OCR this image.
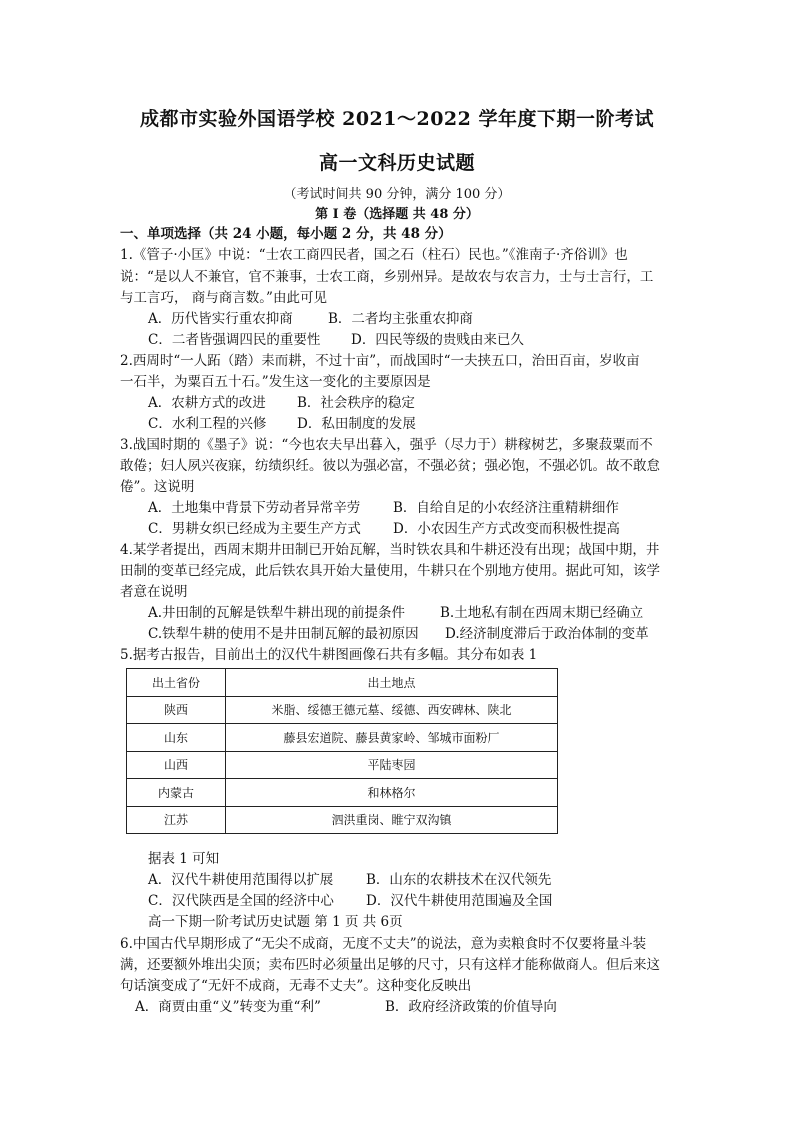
成都市实验外国语学校 2021～2022 学年度下期一阶考试
高一文科历史试题
（考试时间共 90 分钟，满分 100 分）
第 Ⅰ 卷（选择题 共 48 分）
一、单项选择（共 24 小题，每小题 2 分，共 48 分）
1.《管子·小匡》中说：“士农工商四民者，国之石（柱石）民也。”《淮南子·齐俗训》也
说：“是以人不兼官，官不兼事，士农工商，乡别州异。是故农与农言力，士与士言行，工
与工言巧， 商与商言数。”由此可见
A．历代皆实行重农抑商	B．二者均主张重农抑商
C．二者皆强调四民的重要性 D．四民等级的贵贱由来已久
2.西周时“一人跖（踏）耒而耕，不过十亩”，而战国时“一夫挟五口，治田百亩，岁收亩
一石半，为粟百五十石。”发生这一变化的主要原因是
A．农耕方式的改进 B．社会秩序的稳定
C．水利工程的兴修 D．私田制度的发展
3.战国时期的《墨子》说：“今也农夫早出暮入，强乎（尽力于）耕稼树艺，多聚菽粟而不
敢倦；妇人夙兴夜寐，纺绩织纴。彼以为强必富，不强必贫；强必饱，不强必饥。故不敢怠
倦”。这说明
A．土地集中背景下劳动者异常辛劳 B．自给自足的小农经济注重精耕细作
C．男耕女织已经成为主要生产方式 D．小农因生产方式改变而积极性提高
4.某学者提出，西周末期井田制已开始瓦解，当时铁农具和牛耕还没有出现；战国中期，井
田制的变革已经完成，此后铁农具开始大量使用，牛耕只在个别地方使用。据此可知，该学
者意在说明
A.井田制的瓦解是铁犁牛耕出现的前提条件	B.土地私有制在西周末期已经确立
C.铁犁牛耕的使用不是井田制瓦解的最初原因 D.经济制度滞后于政治体制的变革
5.据考古报告，目前出土的汉代牛耕图画像石共有多幅。其分布如表 1
出土省份	出土地点
陕西	米脂、绥德王德元墓、绥德、西安碑林、陕北
山东	藤县宏道院、藤县黄家岭、邹城市面粉厂
山西	平陆枣园
内蒙古	和林格尔
江苏	泗洪重岗、睢宁双沟镇
据表 1 可知
A．汉代牛耕使用范围得以扩展 B．山东的农耕技术在汉代领先
C．汉代陕西是全国的经济中心 D．汉代牛耕使用范围遍及全国
高一下期一阶考试历史试题 第 1 页 共 6页
6.中国古代早期形成了“无尖不成商，无度不丈夫”的说法，意为卖粮食时不仅要将量斗装
满，还要额外堆出尖顶；卖布匹时必须量出足够的尺寸，只有这样才能称做商人。但后来这
句话演变成了“无奸不成商，无毒不丈夫”。这种变化反映出
A．商贾由重“义”转变为重“利”	B．政府经济政策的价值导向
